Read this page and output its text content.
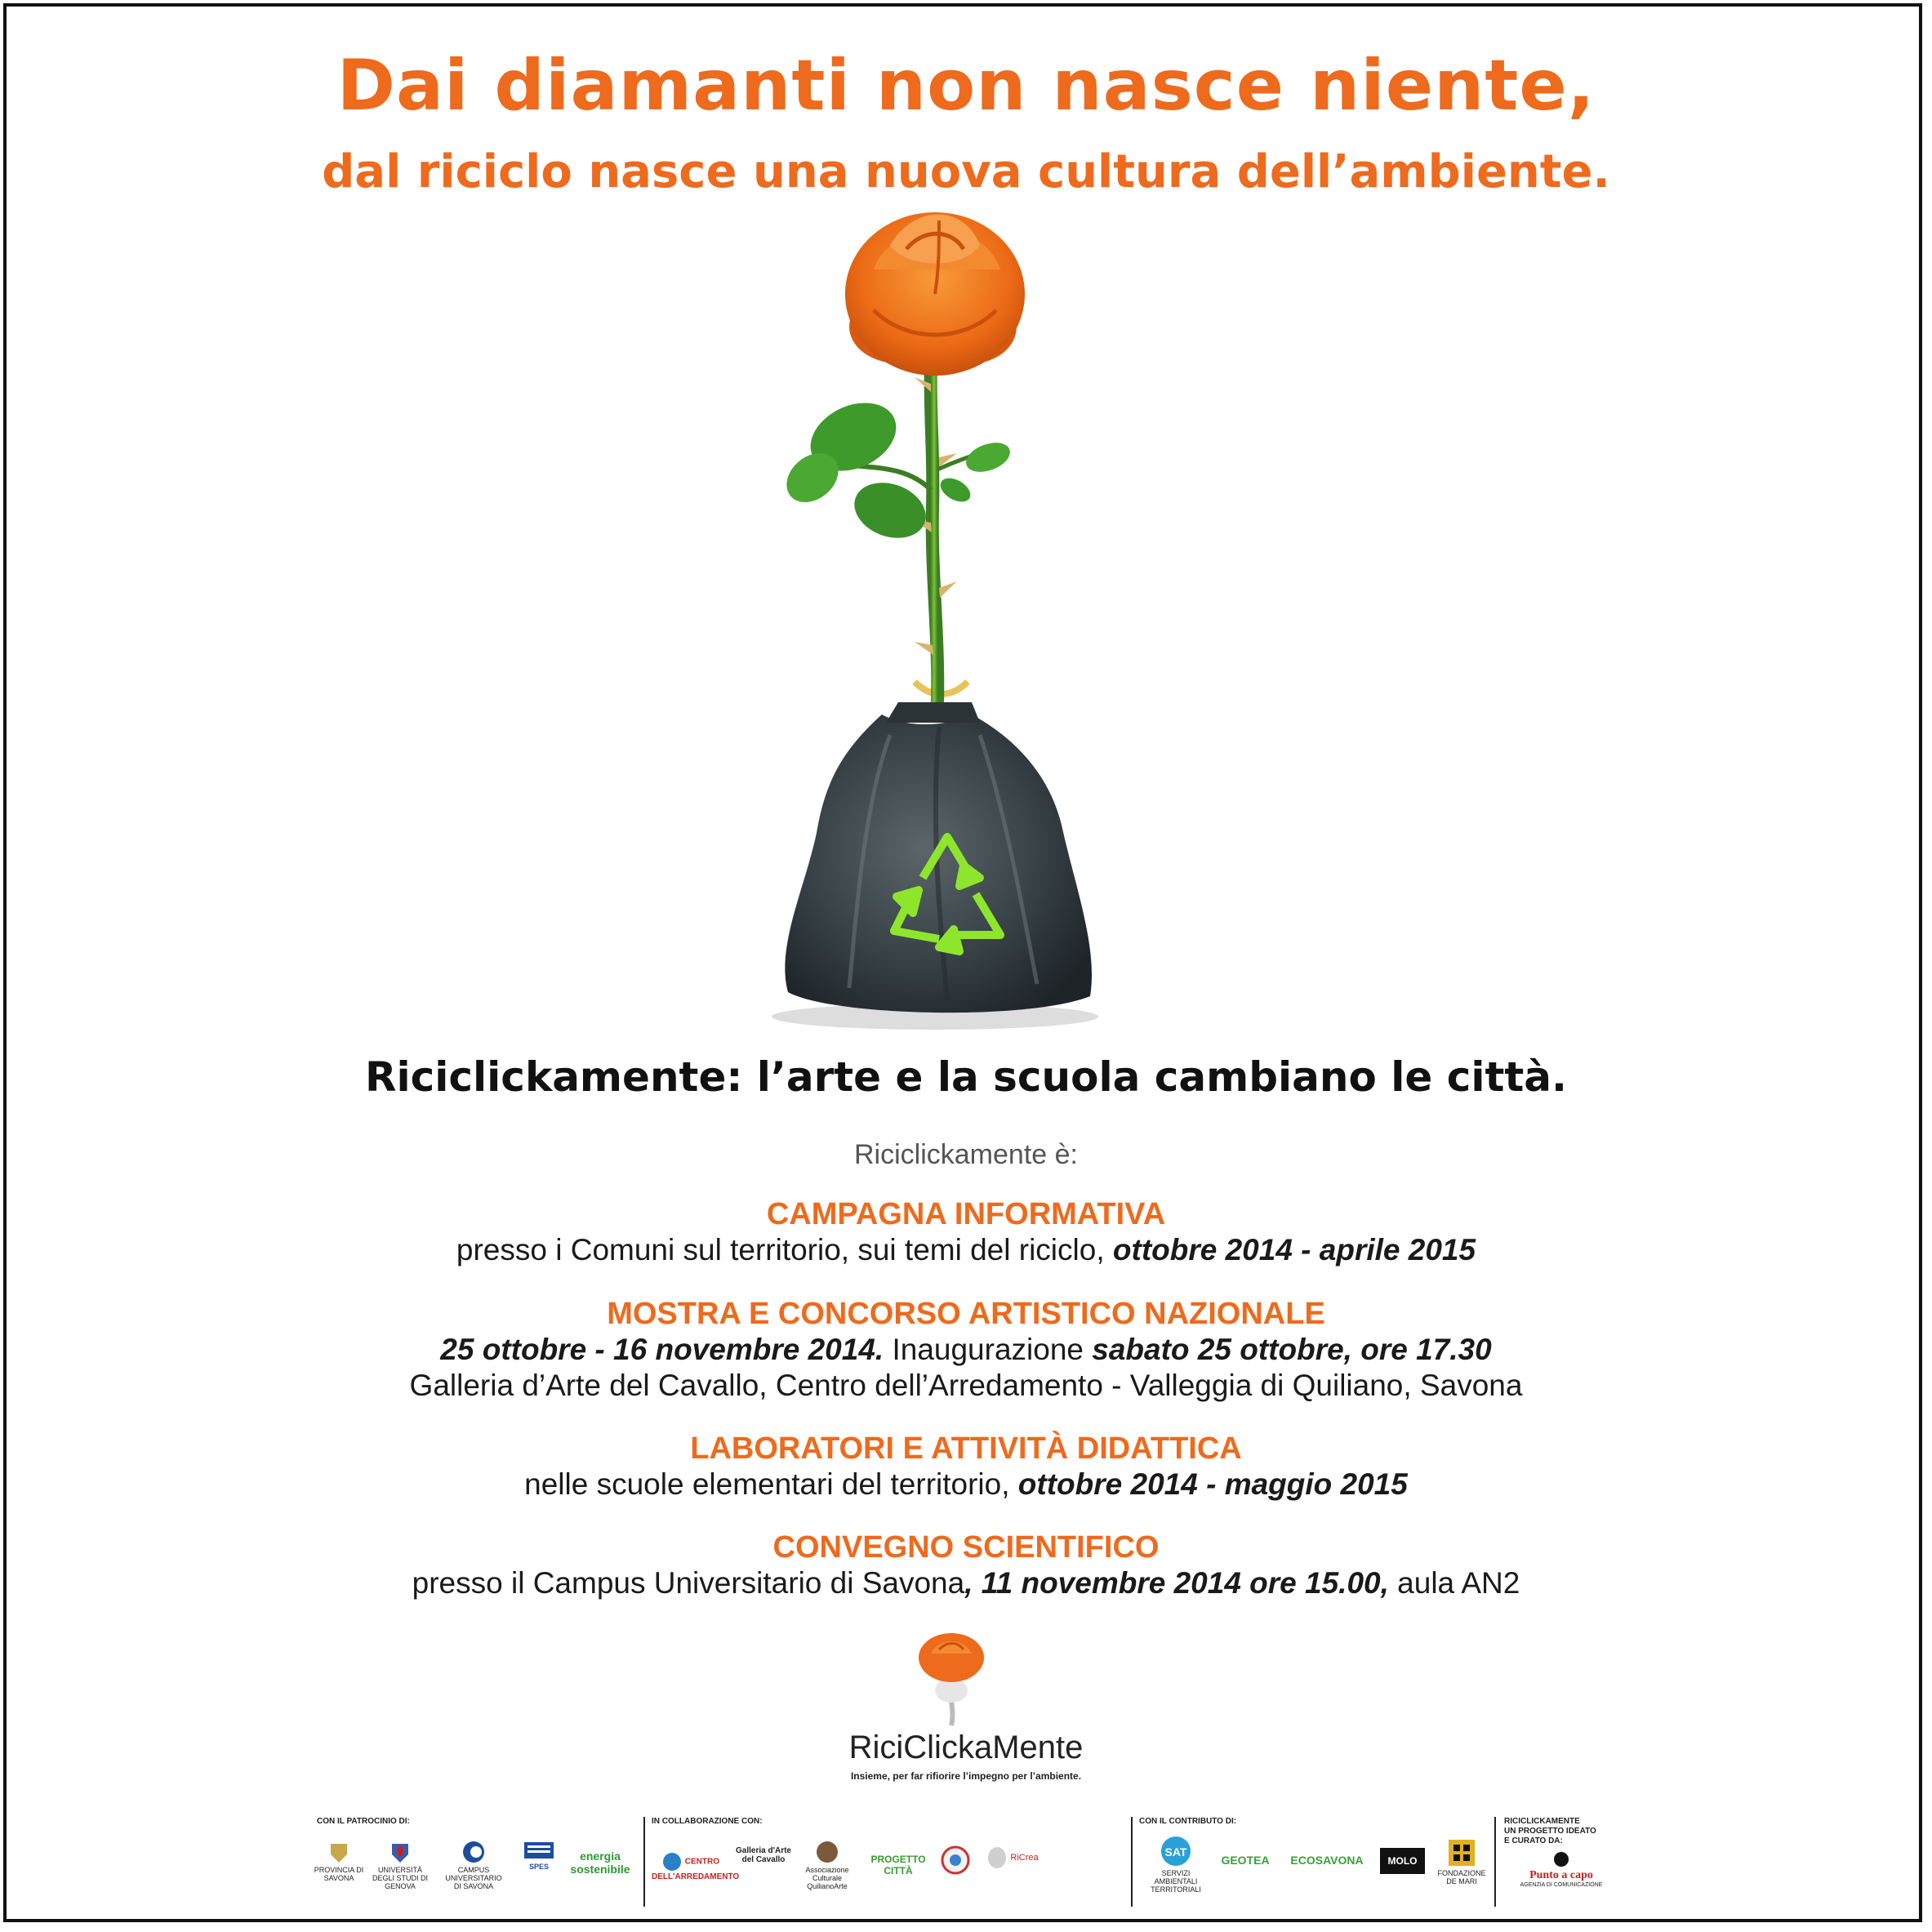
Dai diamanti non nasce niente,
dal riciclo nasce una nuova cultura dell’ambiente.
Riciclickamente: l’arte e la scuola cambiano le città.
Riciclickamente è:
CAMPAGNA INFORMATIVA
presso i Comuni sul territorio, sui temi del riciclo, ottobre 2014 - aprile 2015
MOSTRA E CONCORSO ARTISTICO NAZIONALE
25 ottobre - 16 novembre 2014. Inaugurazione sabato 25 ottobre, ore 17.30
Galleria d’Arte del Cavallo, Centro dell’Arredamento - Valleggia di Quiliano, Savona
LABORATORI E ATTIVITÀ DIDATTICA
nelle scuole elementari del territorio, ottobre 2014 - maggio 2015
CONVEGNO SCIENTIFICO
presso il Campus Universitario di Savona, 11 novembre 2014 ore 15.00, aula AN2
RiciClickaMente
Insieme, per far rifiorire l’impegno per l’ambiente.
CON IL PATROCINIO DI:
PROVINCIA DI SAVONA
UNIVERSITÀ DEGLI STUDI DI GENOVA
CAMPUS UNIVERSITARIO DI SAVONA
SPES
energia sostenibile
IN COLLABORAZIONE CON:
CENTRO DELL'ARREDAMENTO
Galleria d'Arte del Cavallo
Associazione Culturale QuilianoArte
PROGETTO CITTÀ
RiCrea
CON IL CONTRIBUTO DI:
SAT
SERVIZI AMBIENTALI TERRITORIALI
GEOTEA	ECOSAVONA	MOLO 8.44
FONDAZIONE DE MARI
RICICLICKAMENTE
UN PROGETTO IDEATO
E CURATO DA:
Punto a capo
AGENZIA DI COMUNICAZIONE
